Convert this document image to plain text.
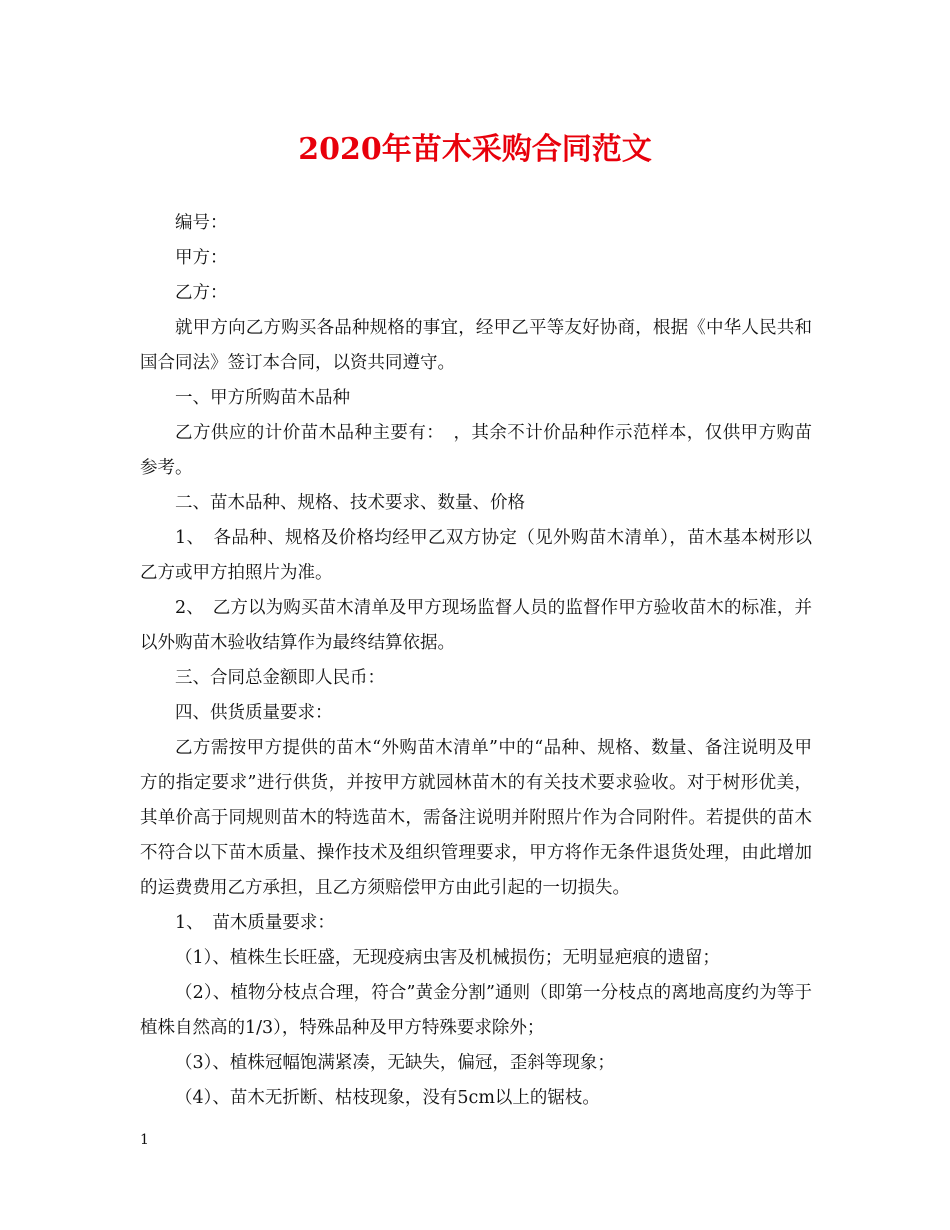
2020年苗木采购合同范文

编号：

甲方：

乙方：

就甲方向乙方购买各品种规格的事宜，经甲乙平等友好协商，根据《中华人民共和国合同法》签订本合同，以资共同遵守。

一、甲方所购苗木品种

乙方供应的计价苗木品种主要有：　，其余不计价品种作示范样本，仅供甲方购苗参考。

二、苗木品种、规格、技术要求、数量、价格

1、　各品种、规格及价格均经甲乙双方协定（见外购苗木清单），苗木基本树形以乙方或甲方拍照片为准。

2、　乙方以为购买苗木清单及甲方现场监督人员的监督作甲方验收苗木的标准，并以外购苗木验收结算作为最终结算依据。

三、合同总金额即人民币：

四、供货质量要求：

乙方需按甲方提供的苗木“外购苗木清单”中的“品种、规格、数量、备注说明及甲方的指定要求”进行供货，并按甲方就园林苗木的有关技术要求验收。对于树形优美，其单价高于同规则苗木的特选苗木，需备注说明并附照片作为合同附件。若提供的苗木不符合以下苗木质量、操作技术及组织管理要求，甲方将作无条件退货处理，由此增加的运费费用乙方承担，且乙方须赔偿甲方由此引起的一切损失。

1、　苗木质量要求：

（1）、植株生长旺盛，无现疫病虫害及机械损伤；无明显疤痕的遗留；

（2）、植物分枝点合理，符合”黄金分割”通则（即第一分枝点的离地高度约为等于植株自然高的1/3），特殊品种及甲方特殊要求除外；

（3）、植株冠幅饱满紧凑，无缺失，偏冠，歪斜等现象；

（4）、苗木无折断、枯枝现象，没有5cm以上的锯枝。

1
